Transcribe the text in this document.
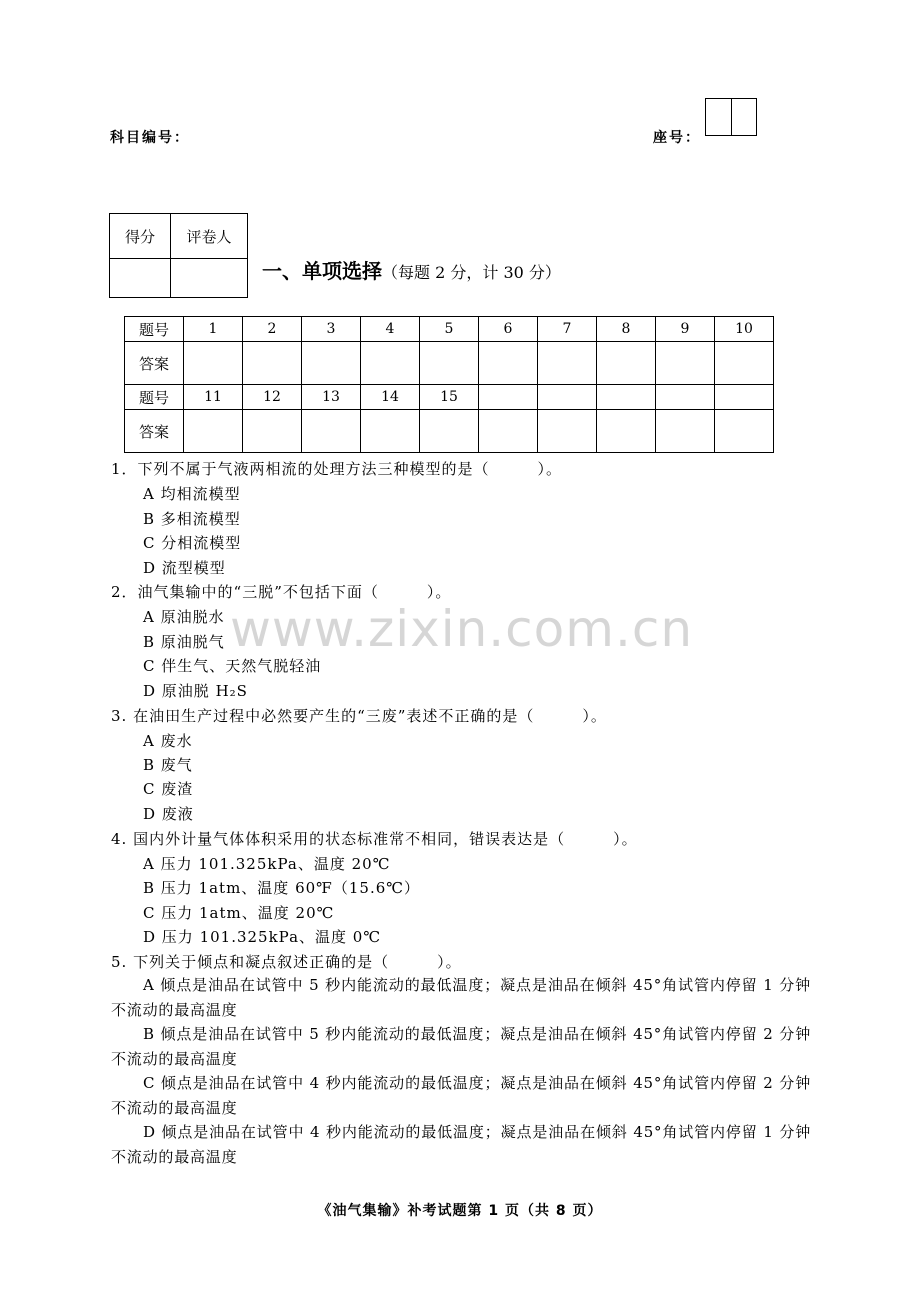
科目编号：	座号：
得分	评卷人

一、单项选择（每题 2 分，计 30 分）
题号	1	2	3	4	5	6	7	8	9	10
答案										
题号	11	12	13	14	15					
答案										
1．下列不属于气液两相流的处理方法三种模型的是（　　　）。
A 均相流模型
B 多相流模型
C 分相流模型
D 流型模型
2．油气集输中的“三脱”不包括下面（　　　）。
A 原油脱水
B 原油脱气
C 伴生气、天然气脱轻油
D 原油脱 H₂S
3. 在油田生产过程中必然要产生的“三废”表述不正确的是（　　　）。
A 废水
B 废气
C 废渣
D 废液
4. 国内外计量气体体积采用的状态标准常不相同，错误表达是（　　　）。
A 压力 101.325kPa、温度 20℃
B 压力 1atm、温度 60℉（15.6℃）
C 压力 1atm、温度 20℃
D 压力 101.325kPa、温度 0℃
5. 下列关于倾点和凝点叙述正确的是（　　　）。
A 倾点是油品在试管中 5 秒内能流动的最低温度；凝点是油品在倾斜 45°角试管内停留 1 分钟不流动的最高温度
B 倾点是油品在试管中 5 秒内能流动的最低温度；凝点是油品在倾斜 45°角试管内停留 2 分钟不流动的最高温度
C 倾点是油品在试管中 4 秒内能流动的最低温度；凝点是油品在倾斜 45°角试管内停留 2 分钟不流动的最高温度
D 倾点是油品在试管中 4 秒内能流动的最低温度；凝点是油品在倾斜 45°角试管内停留 1 分钟不流动的最高温度
www.zixin.com.cn
《油气集输》补考试题第 1 页（共 8 页）
